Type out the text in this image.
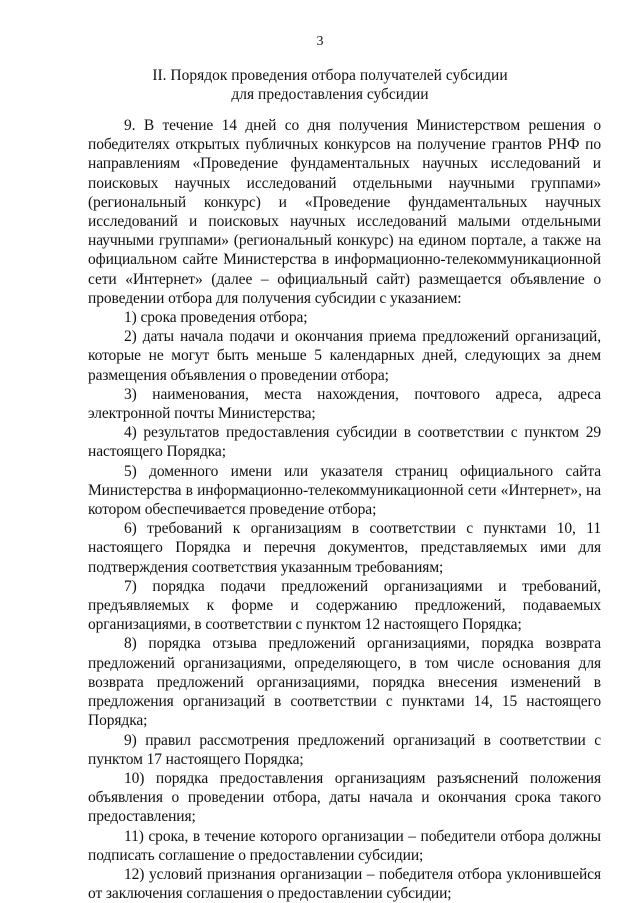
3
II. Порядок проведения отбора получателей субсидии
для предоставления субсидии

9. В течение 14 дней со дня получения Министерством решения о победителях открытых публичных конкурсов на получение грантов РНФ по направлениям «Проведение фундаментальных научных исследований и поисковых научных исследований отдельными научными группами» (региональный конкурс) и «Проведение фундаментальных научных исследований и поисковых научных исследований малыми отдельными научными группами» (региональный конкурс) на едином портале, а также на официальном сайте Министерства в информационно-телекоммуникационной сети «Интернет» (далее – официальный сайт) размещается объявление о проведении отбора для получения субсидии с указанием:

1) срока проведения отбора;

2) даты начала подачи и окончания приема предложений организаций, которые не могут быть меньше 5 календарных дней, следующих за днем размещения объявления о проведении отбора;

3) наименования, места нахождения, почтового адреса, адреса электронной почты Министерства;

4) результатов предоставления субсидии в соответствии с пунктом 29 настоящего Порядка;

5) доменного имени или указателя страниц официального сайта Министерства в информационно-телекоммуникационной сети «Интернет», на котором обеспечивается проведение отбора;

6) требований к организациям в соответствии с пунктами 10, 11 настоящего Порядка и перечня документов, представляемых ими для подтверждения соответствия указанным требованиям;

7) порядка подачи предложений организациями и требований, предъявляемых к форме и содержанию предложений, подаваемых организациями, в соответствии с пунктом 12 настоящего Порядка;

8) порядка отзыва предложений организациями, порядка возврата предложений организациями, определяющего, в том числе основания для возврата предложений организациями, порядка внесения изменений в предложения организаций в соответствии с пунктами 14, 15 настоящего Порядка;

9) правил рассмотрения предложений организаций в соответствии с пунктом 17 настоящего Порядка;

10) порядка предоставления организациям разъяснений положения объявления о проведении отбора, даты начала и окончания срока такого предоставления;

11) срока, в течение которого организации – победители отбора должны подписать соглашение о предоставлении субсидии;

12) условий признания организации – победителя отбора уклонившейся от заключения соглашения о предоставлении субсидии;
